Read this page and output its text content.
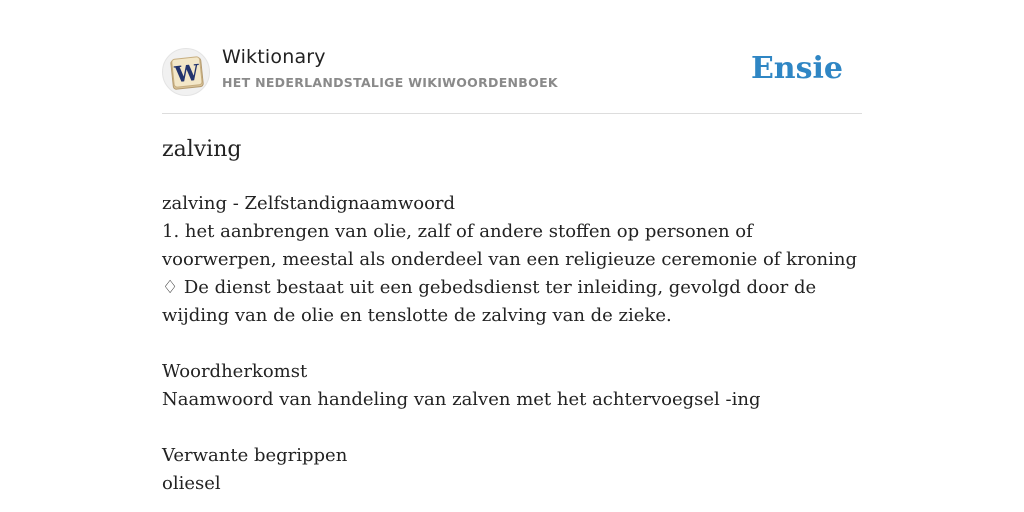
W
Wiktionary
HET NEDERLANDSTALIGE WIKIWOORDENBOEK	Ensie
zalving

zalving - Zelfstandignaamwoord

1. het aanbrengen van olie, zalf of andere stoffen op personen of voorwerpen, meestal als onderdeel van een religieuze ceremonie of kroning

♢ De dienst bestaat uit een gebedsdienst ter inleiding, gevolgd door de wijding van de olie en tenslotte de zalving van de zieke.

Woordherkomst

Naamwoord van handeling van zalven met het achtervoegsel -ing

Verwante begrippen

oliesel
